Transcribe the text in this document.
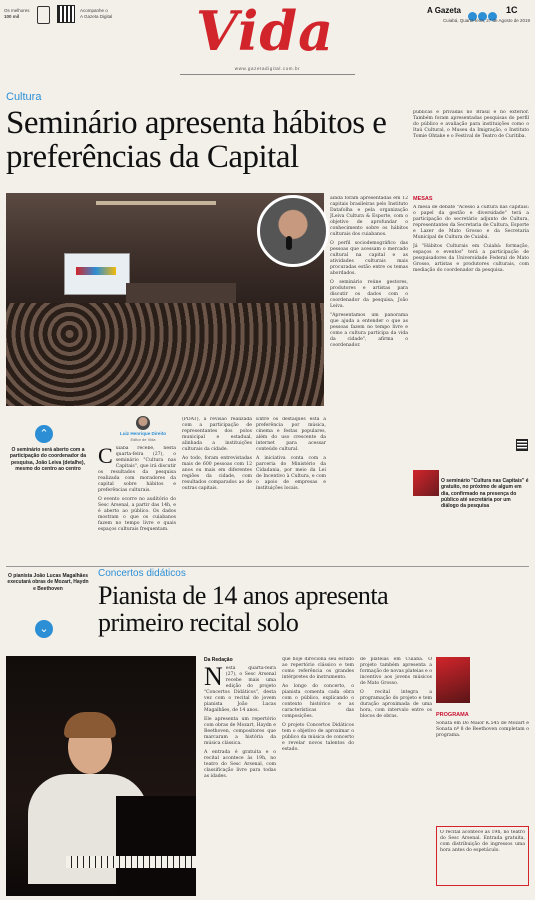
Os melhores
100 mil
Acompanhe o
A Gazeta Digital	Vida
www.gazetadigital.com.br
A Gazeta	1C
Cuiabá, Quarta-feira, 27 de Agosto de 2019
Cultura
Seminário apresenta hábitos e preferências da Capital

ainda foram apresentadas em 12 capitais brasileiras pelo Instituto Datafolha e pela organização JLeiva Cultura & Esporte, com o objetivo de aprofundar o conhecimento sobre os hábitos culturais dos cuiabanos.

O perfil sociodemográfico das pessoas que acessam o mercado cultural na capital e as atividades culturais mais procuradas estão entre os temas abordados.

O seminário reúne gestores, produtores e artistas para discutir os dados com o coordenador da pesquisa, João Leiva.

"Apresentamos um panorama que ajuda a entender o que as pessoas fazem no tempo livre e como a cultura participa da vida da cidade", afirma o coordenador.

públicas e privadas no Brasil e no exterior. Também foram apresentadas pesquisas do perfil do público e avaliação para instituições como o Itaú Cultural, o Museu da Imigração, o Instituto Tomie Ohtake e o Festival de Teatro de Curitiba.

MESAS

A mesa de debate "Acesso à cultura nas capitais: o papel da gestão e diversidade" terá a participação do secretário adjunto de Cultura, representantes da Secretaria de Cultura, Esporte e Lazer de Mato Grosso e da Secretaria Municipal de Cultura de Cuiabá.

Já "Hábitos Culturais em Cuiabá: formação, espaços e eventos" terá a participação de pesquisadores da Universidade Federal de Mato Grosso, artistas e produtores culturais, com mediação do coordenador da pesquisa.

⌃
O seminário será aberto com a participação do coordenador da pesquisa, João Leiva (detalhe), mesmo do centro ao centro
Luiz Henrique Direito
Editor de Vida
C uiabá recebe, nesta quarta-feira (27), o seminário "Cultura nas Capitais", que irá discutir os resultados da pesquisa realizada com moradores da capital sobre hábitos e preferências culturais.

O evento ocorre no auditório do Sesc Arsenal, a partir das 14h, e é aberto ao público. Os dados mostram o que os cuiabanos fazem no tempo livre e quais espaços culturais frequentam.

(PDAT), a revisão realizada com a participação de representantes dos polos municipal e estadual, alinhada a instituições culturais da cidade.

Ao todo, foram entrevistadas mais de 600 pessoas com 12 anos ou mais em diferentes regiões da cidade, com resultados comparados ao de outras capitais.

Entre os destaques está a preferência por música, cinema e festas populares, além do uso crescente da internet para acessar conteúdo cultural.

A iniciativa conta com a parceria do Ministério da Cidadania, por meio da Lei de Incentivo à Cultura, e com o apoio de empresas e instituições locais.

O seminário "Cultura nas Capitais" é gratuito, no próximo de algum em dia, confirmado na presença do público até secretária por um diálogo da pesquisa
O pianista João Lucas Magalhães executará obras de Mozart, Haydn e Beethoven
⌄
Concertos didáticos
Pianista de 14 anos apresenta primeiro recital solo
Da Redação
N esta quarta-feira (27), o Sesc Arsenal recebe mais uma edição do projeto "Concertos Didáticos", desta vez com o recital do jovem pianista João Lucas Magalhães, de 14 anos.

Ele apresenta um repertório com obras de Mozart, Haydn e Beethoven, compositores que marcaram a história da música clássica.

A entrada é gratuita e o recital acontece às 19h, no teatro do Sesc Arsenal, com classificação livre para todas as idades.

que hoje direciona seu estudo ao repertório clássico e tem como referência os grandes intérpretes do instrumento.

Ao longo do concerto, o pianista comenta cada obra com o público, explicando o contexto histórico e as características das composições.

O projeto Concertos Didáticos tem o objetivo de aproximar o público da música de concerto e revelar novos talentos do estado.

de plateias em Cuiabá. O projeto também apresenta a formação de novas plateias e o incentivo aos jovens músicos de Mato Grosso.

O recital integra a programação do projeto e tem duração aproximada de uma hora, com intervalo entre os blocos de obras.	PROGRAMA

Sonata em Dó Maior K.545 de Mozart e Sonata nº 8 de Beethoven completam o programa.

O recital acontece às 19h, no teatro do Sesc Arsenal. Entrada gratuita, com distribuição de ingressos uma hora antes do espetáculo.
